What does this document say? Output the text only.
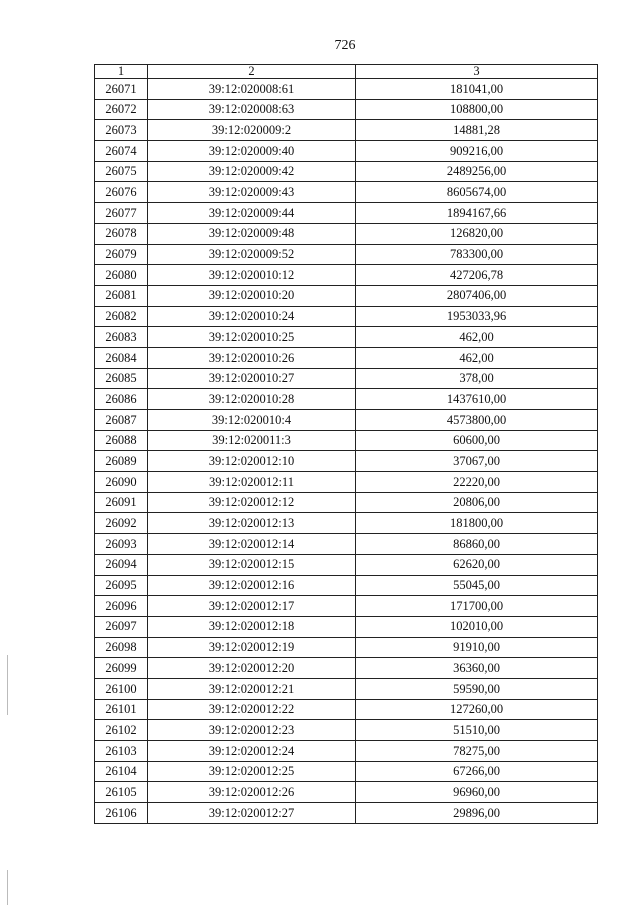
726
1	2	3
26071	39:12:020008:61	181041,00
26072	39:12:020008:63	108800,00
26073	39:12:020009:2	14881,28
26074	39:12:020009:40	909216,00
26075	39:12:020009:42	2489256,00
26076	39:12:020009:43	8605674,00
26077	39:12:020009:44	1894167,66
26078	39:12:020009:48	126820,00
26079	39:12:020009:52	783300,00
26080	39:12:020010:12	427206,78
26081	39:12:020010:20	2807406,00
26082	39:12:020010:24	1953033,96
26083	39:12:020010:25	462,00
26084	39:12:020010:26	462,00
26085	39:12:020010:27	378,00
26086	39:12:020010:28	1437610,00
26087	39:12:020010:4	4573800,00
26088	39:12:020011:3	60600,00
26089	39:12:020012:10	37067,00
26090	39:12:020012:11	22220,00
26091	39:12:020012:12	20806,00
26092	39:12:020012:13	181800,00
26093	39:12:020012:14	86860,00
26094	39:12:020012:15	62620,00
26095	39:12:020012:16	55045,00
26096	39:12:020012:17	171700,00
26097	39:12:020012:18	102010,00
26098	39:12:020012:19	91910,00
26099	39:12:020012:20	36360,00
26100	39:12:020012:21	59590,00
26101	39:12:020012:22	127260,00
26102	39:12:020012:23	51510,00
26103	39:12:020012:24	78275,00
26104	39:12:020012:25	67266,00
26105	39:12:020012:26	96960,00
26106	39:12:020012:27	29896,00
